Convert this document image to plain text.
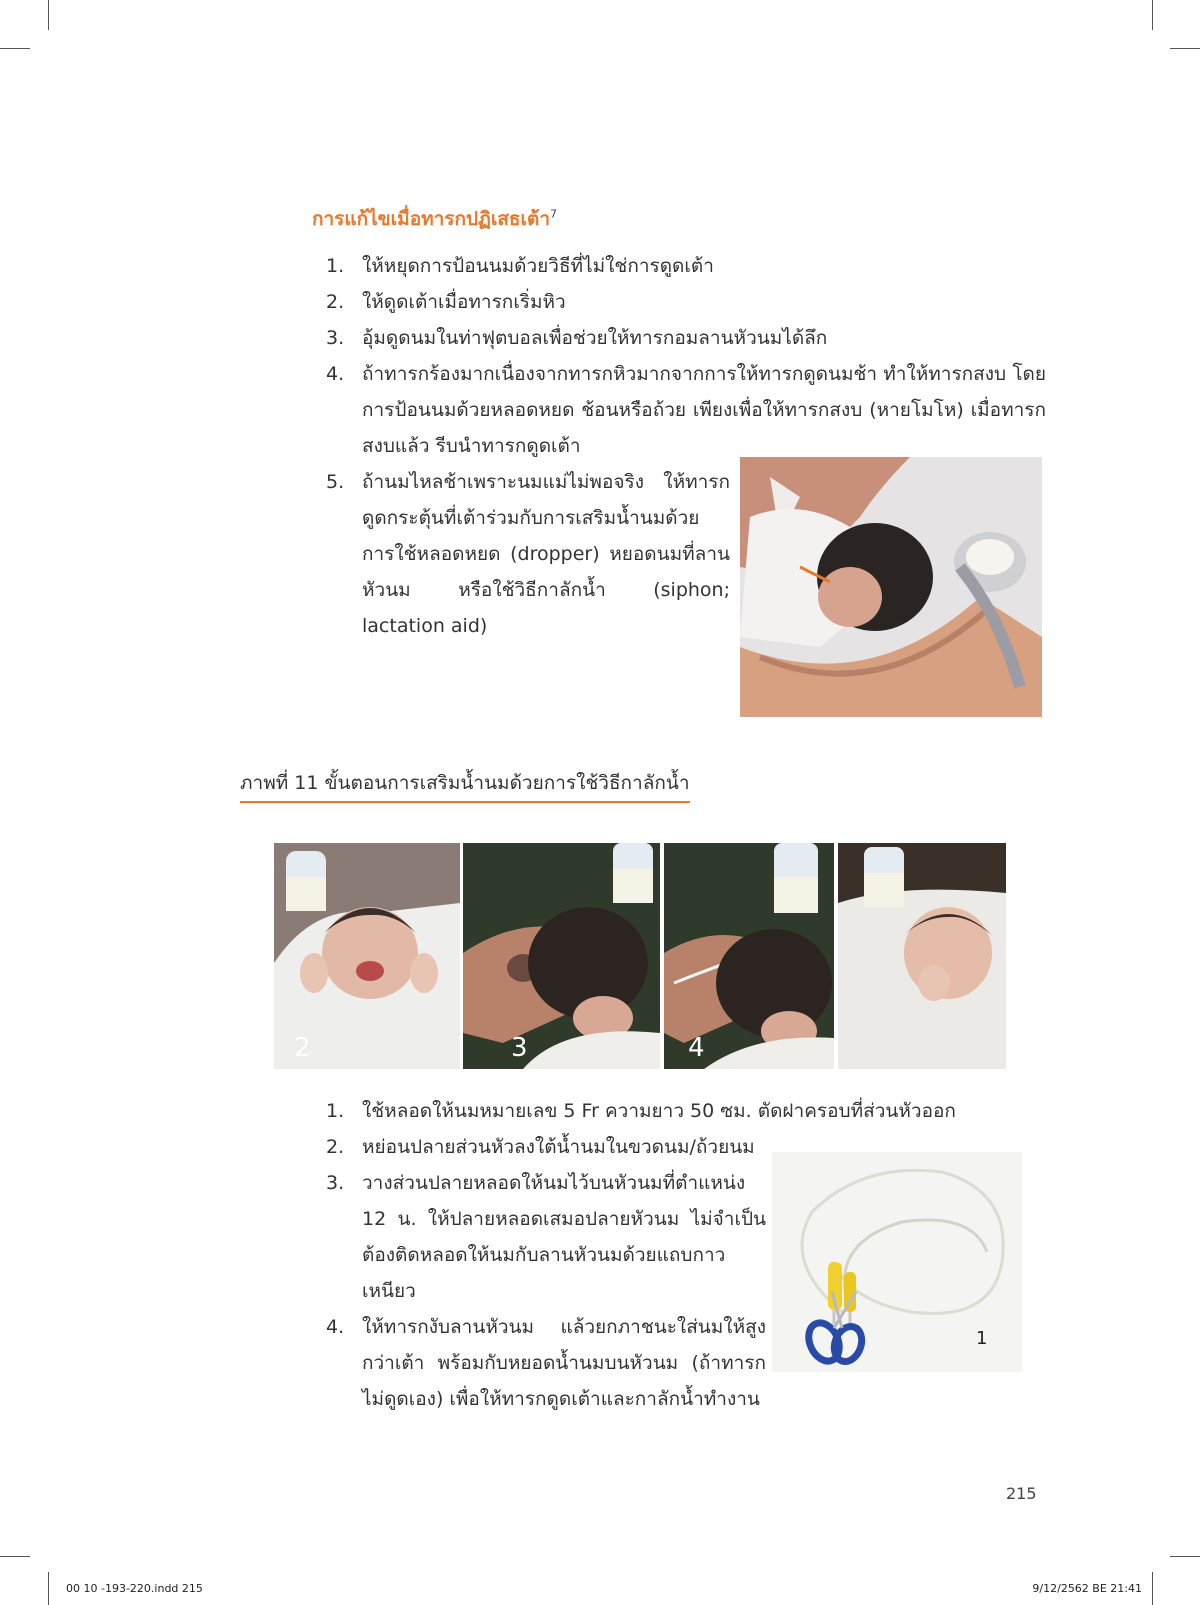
การแก้ไขเมื่อทารกปฏิเสธเต้า$^7$
1. ให้หยุดการป้อนนมด้วยวิธีที่ไม่ใช่การดูดเต้า
2. ให้ดูดเต้าเมื่อทารกเริ่มหิว
3. อุ้มดูดนมในท่าฟุตบอลเพื่อช่วยให้ทารกอมลานหัวนมได้ลึก
4. ถ้าทารกร้องมากเนื่องจากทารกหิวมากจากการให้ทารกดูดนมช้า ทำให้ทารกสงบ โดยการป้อนนมด้วยหลอดหยด ช้อนหรือถ้วย เพียงเพื่อให้ทารกสงบ (หายโมโห) เมื่อทารกสงบแล้ว รีบนำทารกดูดเต้า
5. ถ้านมไหลช้าเพราะนมแม่ไม่พอจริง ให้ทารกดูดกระตุ้นที่เต้าร่วมกับการเสริมน้ำนมด้วยการใช้หลอดหยด (dropper) หยอดนมที่ลานหัวนม หรือใช้วิธีกาลักน้ำ (siphon; lactation aid)
ภาพที่ 11 ขั้นตอนการเสริมน้ำนมด้วยการใช้วิธีกาลักน้ำ
2	3	4
1. ใช้หลอดให้นมหมายเลข 5 Fr ความยาว 50 ซม. ตัดฝาครอบที่ส่วนหัวออก
2. หย่อนปลายส่วนหัวลงใต้น้ำนมในขวดนม/ถ้วยนม
3. วางส่วนปลายหลอดให้นมไว้บนหัวนมที่ตำแหน่ง 12 น. ให้ปลายหลอดเสมอปลายหัวนม ไม่จำเป็นต้องติดหลอดให้นมกับลานหัวนมด้วยแถบกาวเหนียว
4. ให้ทารกงับลานหัวนม แล้วยกภาชนะใส่นมให้สูงกว่าเต้า พร้อมกับหยอดน้ำนมบนหัวนม (ถ้าทารกไม่ดูดเอง) เพื่อให้ทารกดูดเต้าและกาลักน้ำทำงาน
1
215
00 10 -193-220.indd 215	9/12/2562 BE 21:41
